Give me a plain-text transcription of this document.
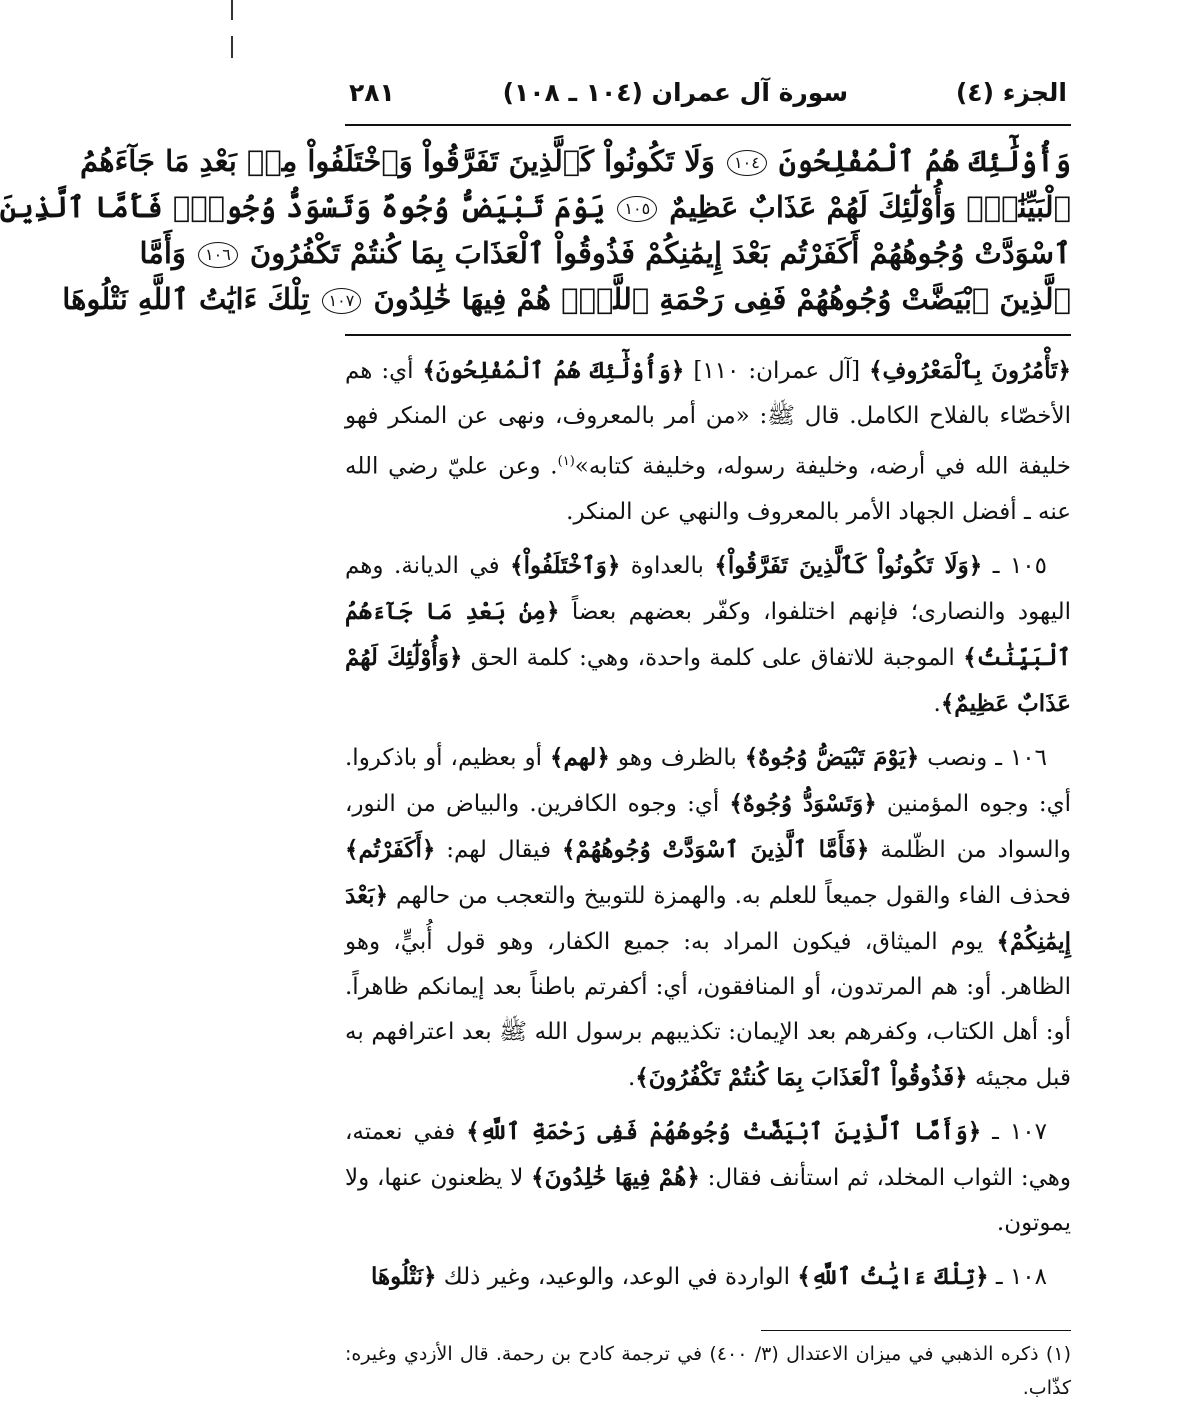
الجزء (٤)
سورة آل عمران (١٠٤ ـ ١٠٨)
٢٨١

وَأُوْلَٰٓئِكَ هُمُ ٱلْمُفْلِحُونَ ١٠٤ وَلَا تَكُونُواْ كَٱلَّذِينَ تَفَرَّقُواْ وَٱخْتَلَفُواْ مِنۢ بَعْدِ مَا جَآءَهُمُ

ٱلْبَيِّنَٰتُۚ وَأُوْلَٰٓئِكَ لَهُمْ عَذَابٌ عَظِيمٌ ١٠٥ يَوْمَ تَبْيَضُّ وُجُوهٌ وَتَسْوَدُّ وُجُوهٌۚ فَأَمَّا ٱلَّذِينَ

ٱسْوَدَّتْ وُجُوهُهُمْ أَكَفَرْتُم بَعْدَ إِيمَٰنِكُمْ فَذُوقُواْ ٱلْعَذَابَ بِمَا كُنتُمْ تَكْفُرُونَ ١٠٦ وَأَمَّا

ٱلَّذِينَ ٱبْيَضَّتْ وُجُوهُهُمْ فَفِى رَحْمَةِ ٱللَّهِۖ هُمْ فِيهَا خَٰلِدُونَ ١٠٧ تِلْكَ ءَايَٰتُ ٱللَّهِ نَتْلُوهَا

﴿تَأْمُرُونَ بِٱلْمَعْرُوفِ﴾ [آل عمران: ١١٠] ﴿وَأُوْلَٰٓئِكَ هُمُ ٱلْمُفْلِحُونَ﴾ أي: هم الأخصّاء بالفلاح الكامل. قال ﷺ: «من أمر بالمعروف، ونهى عن المنكر فهو خليفة الله في أرضه، وخليفة رسوله، وخليفة كتابه»$^{(١)}$. وعن عليّ رضي الله عنه ـ أفضل الجهاد الأمر بالمعروف والنهي عن المنكر.

١٠٥ ـ ﴿وَلَا تَكُونُواْ كَٱلَّذِينَ تَفَرَّقُواْ﴾ بالعداوة ﴿وَٱخْتَلَفُواْ﴾ في الديانة. وهم اليهود والنصارى؛ فإنهم اختلفوا، وكفّر بعضهم بعضاً ﴿مِنۢ بَعْدِ مَا جَآءَهُمُ ٱلْبَيِّنَٰتُ﴾ الموجبة للاتفاق على كلمة واحدة، وهي: كلمة الحق ﴿وَأُوْلَٰٓئِكَ لَهُمْ عَذَابٌ عَظِيمٌ﴾.

١٠٦ ـ ونصب ﴿يَوْمَ تَبْيَضُّ وُجُوهٌ﴾ بالظرف وهو ﴿لهم﴾ أو بعظيم، أو باذكروا. أي: وجوه المؤمنين ﴿وَتَسْوَدُّ وُجُوهٌ﴾ أي: وجوه الكافرين. والبياض من النور، والسواد من الظّلمة ﴿فَأَمَّا ٱلَّذِينَ ٱسْوَدَّتْ وُجُوهُهُمْ﴾ فيقال لهم: ﴿أَكَفَرْتُم﴾ فحذف الفاء والقول جميعاً للعلم به. والهمزة للتوبيخ والتعجب من حالهم ﴿بَعْدَ إِيمَٰنِكُمْ﴾ يوم الميثاق، فيكون المراد به: جميع الكفار، وهو قول أُبيٍّ، وهو الظاهر. أو: هم المرتدون، أو المنافقون، أي: أكفرتم باطناً بعد إيمانكم ظاهراً. أو: أهل الكتاب، وكفرهم بعد الإيمان: تكذيبهم برسول الله ﷺ بعد اعترافهم به قبل مجيئه ﴿فَذُوقُواْ ٱلْعَذَابَ بِمَا كُنتُمْ تَكْفُرُونَ﴾.

١٠٧ ـ ﴿وَأَمَّا ٱلَّذِينَ ٱبْيَضَّتْ وُجُوهُهُمْ فَفِى رَحْمَةِ ٱللَّهِ﴾ ففي نعمته، وهي: الثواب المخلد، ثم استأنف فقال: ﴿هُمْ فِيهَا خَٰلِدُونَ﴾ لا يظعنون عنها، ولا يموتون.

١٠٨ ـ ﴿تِلْكَ ءَايَٰتُ ٱللَّهِ﴾ الواردة في الوعد، والوعيد، وغير ذلك ﴿نَتْلُوهَا

(١) ذكره الذهبي في ميزان الاعتدال (٣/ ٤٠٠) في ترجمة كادح بن رحمة. قال الأزدي وغيره: كذّاب.
